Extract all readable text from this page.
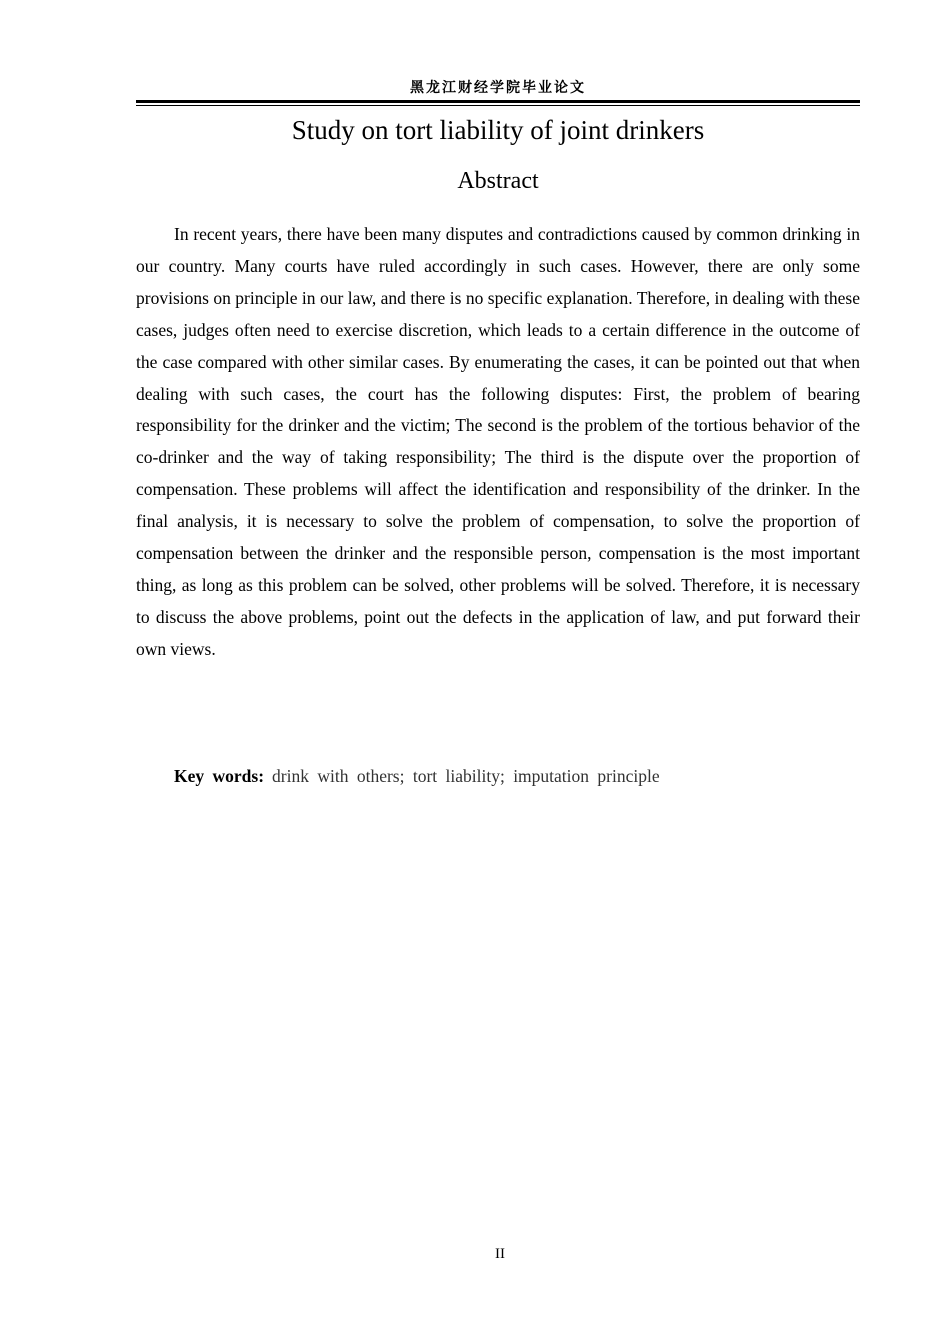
黑龙江财经学院毕业论文
Study on tort liability of joint drinkers
Abstract

In recent years, there have been many disputes and contradictions caused by common drinking in our country. Many courts have ruled accordingly in such cases. However, there are only some provisions on principle in our law, and there is no specific explanation. Therefore, in dealing with these cases, judges often need to exercise discretion, which leads to a certain difference in the outcome of the case compared with other similar cases. By enumerating the cases, it can be pointed out that when dealing with such cases, the court has the following disputes: First, the problem of bearing responsibility for the drinker and the victim; The second is the problem of the tortious behavior of the co-drinker and the way of taking responsibility; The third is the dispute over the proportion of compensation. These problems will affect the identification and responsibility of the drinker. In the final analysis, it is necessary to solve the problem of compensation, to solve the proportion of compensation between the drinker and the responsible person, compensation is the most important thing, as long as this problem can be solved, other problems will be solved. Therefore, it is necessary to discuss the above problems, point out the defects in the application of law, and put forward their own views.

Key words: drink with others; tort liability; imputation principle
II
